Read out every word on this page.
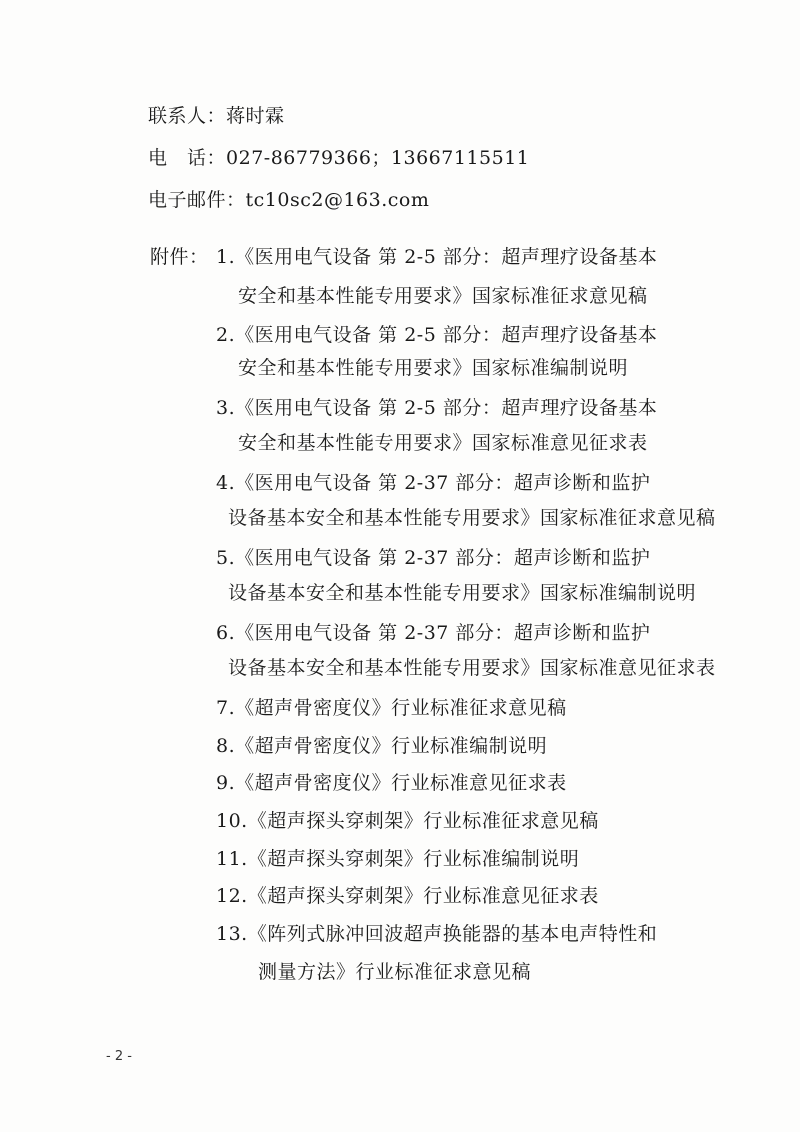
联系人：蒋时霖
电　话：027-86779366；13667115511
电子邮件：tc10sc2@163.com
附件： 1.《医用电气设备 第 2-5 部分：超声理疗设备基本
安全和基本性能专用要求》国家标准征求意见稿
2.《医用电气设备 第 2-5 部分：超声理疗设备基本
安全和基本性能专用要求》国家标准编制说明
3.《医用电气设备 第 2-5 部分：超声理疗设备基本
安全和基本性能专用要求》国家标准意见征求表
4.《医用电气设备 第 2-37 部分：超声诊断和监护
设备基本安全和基本性能专用要求》国家标准征求意见稿
5.《医用电气设备 第 2-37 部分：超声诊断和监护
设备基本安全和基本性能专用要求》国家标准编制说明
6.《医用电气设备 第 2-37 部分：超声诊断和监护
设备基本安全和基本性能专用要求》国家标准意见征求表
7.《超声骨密度仪》行业标准征求意见稿
8.《超声骨密度仪》行业标准编制说明
9.《超声骨密度仪》行业标准意见征求表
10.《超声探头穿刺架》行业标准征求意见稿
11.《超声探头穿刺架》行业标准编制说明
12.《超声探头穿刺架》行业标准意见征求表
13.《阵列式脉冲回波超声换能器的基本电声特性和
测量方法》行业标准征求意见稿
- 2 -
